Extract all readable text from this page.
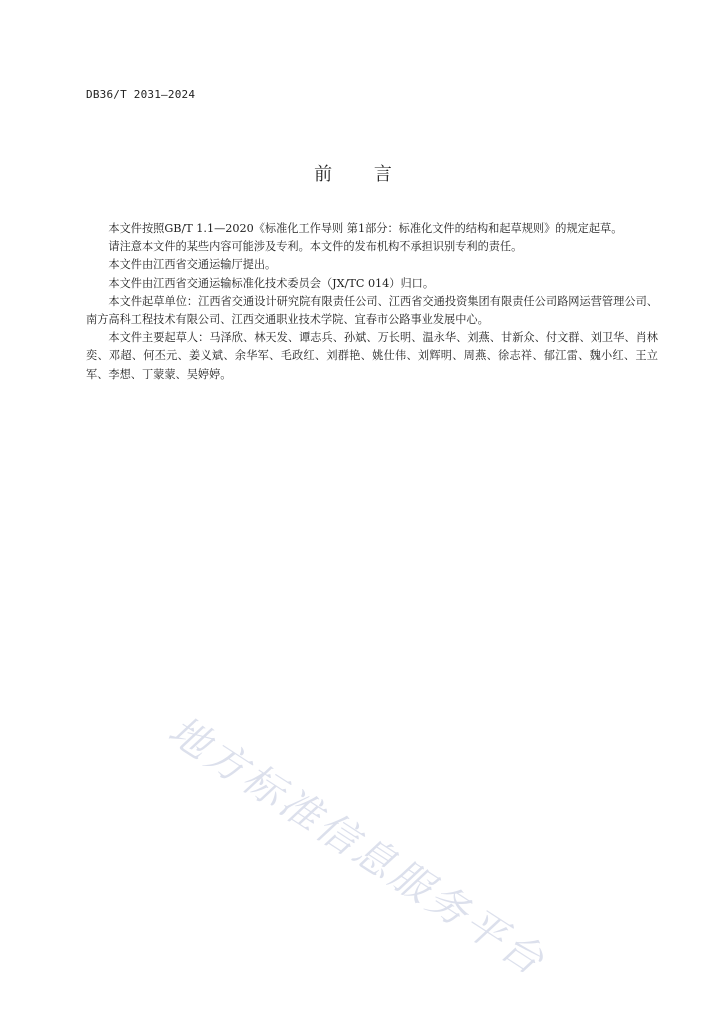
DB36/T 2031—2024
前 言

本文件按照GB/T 1.1—2020《标准化工作导则 第1部分：标准化文件的结构和起草规则》的规定起草。

请注意本文件的某些内容可能涉及专利。本文件的发布机构不承担识别专利的责任。

本文件由江西省交通运输厅提出。

本文件由江西省交通运输标准化技术委员会（JX/TC 014）归口。

本文件起草单位：江西省交通设计研究院有限责任公司、江西省交通投资集团有限责任公司路网运营管理公司、南方高科工程技术有限公司、江西交通职业技术学院、宜春市公路事业发展中心。

本文件主要起草人：马泽欣、林天发、谭志兵、孙斌、万长明、温永华、刘燕、甘新众、付文群、刘卫华、肖林奕、邓超、何丕元、姜义斌、余华军、毛政红、刘群艳、姚仕伟、刘辉明、周燕、徐志祥、郁江雷、魏小红、王立军、李想、丁蒙蒙、吴婷婷。

地方标准信息服务平台
